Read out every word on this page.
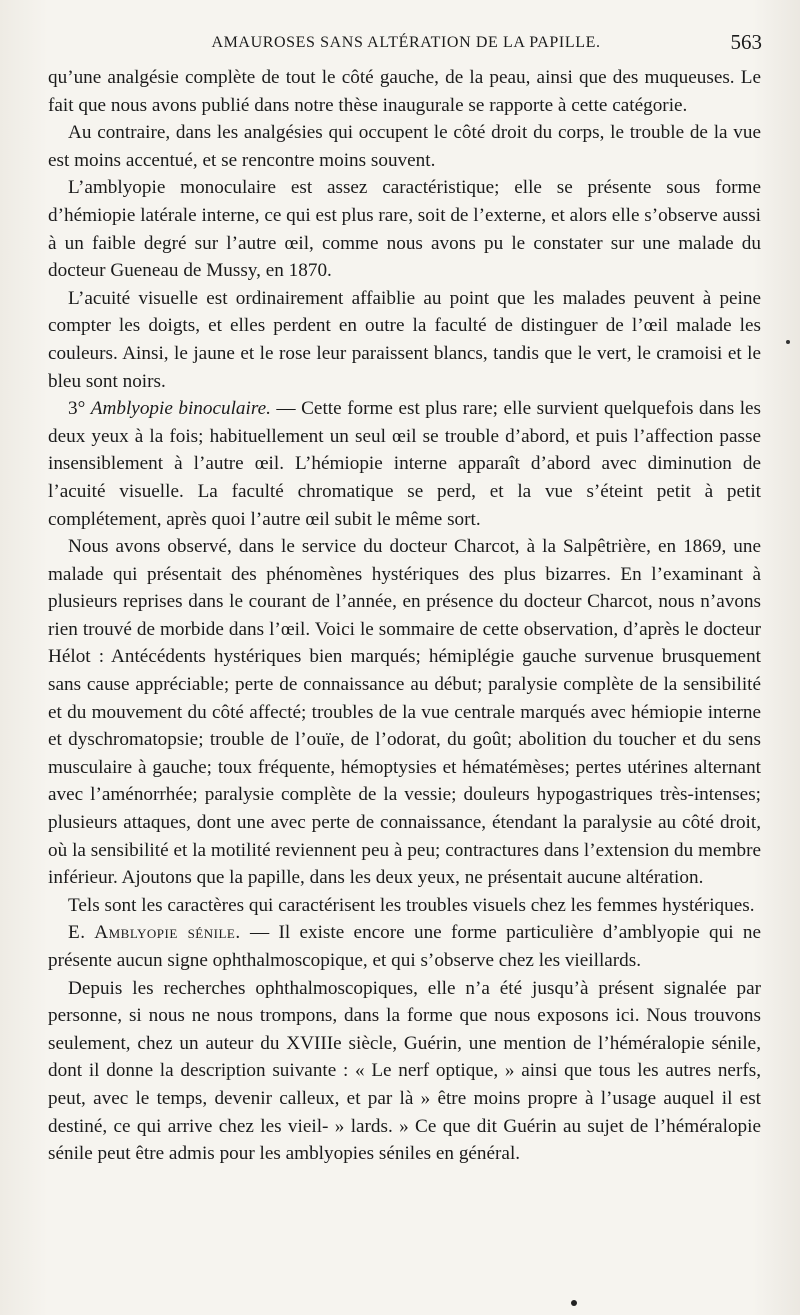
AMAUROSES SANS ALTÉRATION DE LA PAPILLE.	563

qu’une analgésie complète de tout le côté gauche, de la peau, ainsi que des muqueuses. Le fait que nous avons publié dans notre thèse inaugurale se rapporte à cette catégorie.

Au contraire, dans les analgésies qui occupent le côté droit du corps, le trouble de la vue est moins accentué, et se rencontre moins souvent.

L’amblyopie monoculaire est assez caractéristique; elle se présente sous forme d’hémiopie latérale interne, ce qui est plus rare, soit de l’externe, et alors elle s’observe aussi à un faible degré sur l’autre œil, comme nous avons pu le constater sur une malade du docteur Gueneau de Mussy, en 1870.

L’acuité visuelle est ordinairement affaiblie au point que les malades peuvent à peine compter les doigts, et elles perdent en outre la faculté de distinguer de l’œil malade les couleurs. Ainsi, le jaune et le rose leur paraissent blancs, tandis que le vert, le cramoisi et le bleu sont noirs.

3° Amblyopie binoculaire. — Cette forme est plus rare; elle survient quelquefois dans les deux yeux à la fois; habituellement un seul œil se trouble d’abord, et puis l’affection passe insensiblement à l’autre œil. L’hémiopie interne apparaît d’abord avec diminution de l’acuité visuelle. La faculté chromatique se perd, et la vue s’éteint petit à petit complétement, après quoi l’autre œil subit le même sort.

Nous avons observé, dans le service du docteur Charcot, à la Salpêtrière, en 1869, une malade qui présentait des phénomènes hystériques des plus bizarres. En l’examinant à plusieurs reprises dans le courant de l’année, en présence du docteur Charcot, nous n’avons rien trouvé de morbide dans l’œil. Voici le sommaire de cette observation, d’après le docteur Hélot : Antécédents hystériques bien marqués; hémiplégie gauche survenue brusquement sans cause appréciable; perte de connaissance au début; paralysie complète de la sensibilité et du mouvement du côté affecté; troubles de la vue centrale marqués avec hémiopie interne et dyschromatopsie; trouble de l’ouïe, de l’odorat, du goût; abolition du toucher et du sens musculaire à gauche; toux fréquente, hémoptysies et hématémèses; pertes utérines alternant avec l’aménorrhée; paralysie complète de la vessie; douleurs hypogastriques très-intenses; plusieurs attaques, dont une avec perte de connaissance, étendant la paralysie au côté droit, où la sensibilité et la motilité reviennent peu à peu; contractures dans l’extension du membre inférieur. Ajoutons que la papille, dans les deux yeux, ne présentait aucune altération.

Tels sont les caractères qui caractérisent les troubles visuels chez les femmes hystériques.

E. Amblyopie sénile. — Il existe encore une forme particulière d’amblyopie qui ne présente aucun signe ophthalmoscopique, et qui s’observe chez les vieillards.

Depuis les recherches ophthalmoscopiques, elle n’a été jusqu’à présent signalée par personne, si nous ne nous trompons, dans la forme que nous exposons ici. Nous trouvons seulement, chez un auteur du XVIIIe siècle, Guérin, une mention de l’héméralopie sénile, dont il donne la description suivante : « Le nerf optique, » ainsi que tous les autres nerfs, peut, avec le temps, devenir calleux, et par là » être moins propre à l’usage auquel il est destiné, ce qui arrive chez les vieil- » lards. » Ce que dit Guérin au sujet de l’héméralopie sénile peut être admis pour les amblyopies séniles en général.
